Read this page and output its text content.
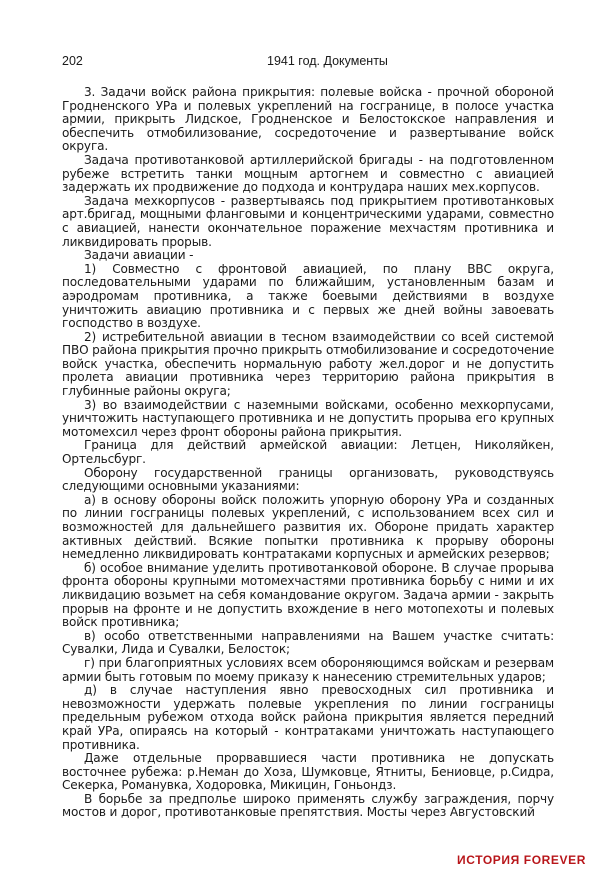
202	1941 год. Документы

3. Задачи войск района прикрытия: полевые войска - прочной обороной Гродненского УРа и полевых укреплений на госгранице, в полосе участка армии, прикрыть Лидское, Гродненское и Белостокское направления и обеспечить отмобилизование, сосредоточение и развертывание войск округа.

Задача противотанковой артиллерийской бригады - на подготовленном рубеже встретить танки мощным артогнем и совместно с авиацией задержать их продвижение до подхода и контрудара наших мех.корпусов.

Задача мехкорпусов - развертываясь под прикрытием противотанковых арт.бригад, мощными фланговыми и концентрическими ударами, совместно с авиацией, нанести окончательное поражение мехчастям противника и ликвидировать прорыв.

Задачи авиации -

1) Совместно с фронтовой авиацией, по плану ВВС округа, последовательными ударами по ближайшим, установленным базам и аэродромам противника, а также боевыми действиями в воздухе уничтожить авиацию противника и с первых же дней войны завоевать господство в воздухе.

2) истребительной авиации в тесном взаимодействии со всей системой ПВО района прикрытия прочно прикрыть отмобилизование и сосредоточение войск участка, обеспечить нормальную работу жел.дорог и не допустить пролета авиации противника через территорию района прикрытия в глубинные районы округа;

3) во взаимодействии с наземными войсками, особенно мехкорпусами, уничтожить наступающего противника и не допустить прорыва его крупных мотомехсил через фронт обороны района прикрытия.

Граница для действий армейской авиации: Летцен, Николяйкен, Ортельсбург.

Оборону государственной границы организовать, руководствуясь следующими основными указаниями:

а) в основу обороны войск положить упорную оборону УРа и созданных по линии госграницы полевых укреплений, с использованием всех сил и возможностей для дальнейшего развития их. Обороне придать характер активных действий. Всякие попытки противника к прорыву обороны немедленно ликвидировать контратаками корпусных и армейских резервов;

б) особое внимание уделить противотанковой обороне. В случае прорыва фронта обороны крупными мотомехчастями противника борьбу с ними и их ликвидацию возьмет на себя командование округом. Задача армии - закрыть прорыв на фронте и не допустить вхождение в него мотопехоты и полевых войск противника;

в) особо ответственными направлениями на Вашем участке считать: Сувалки, Лида и Сувалки, Белосток;

г) при благоприятных условиях всем обороняющимся войскам и резервам армии быть готовым по моему приказу к нанесению стремительных ударов;

д) в случае наступления явно превосходных сил противника и невозможности удержать полевые укрепления по линии госграницы предельным рубежом отхода войск района прикрытия является передний край УРа, опираясь на который - контратаками уничтожать наступающего противника.

Даже отдельные прорвавшиеся части противника не допускать восточнее рубежа: р.Неман до Хоза, Шумковце, Ятниты, Бениовце, р.Сидра, Секерка, Романувка, Ходоровка, Микицин, Гоньондз.

В борьбе за предполье широко применять службу заграждения, порчу мостов и дорог, противотанковые препятствия. Мосты через Августовский

ИСТОРИЯ FOREVER
